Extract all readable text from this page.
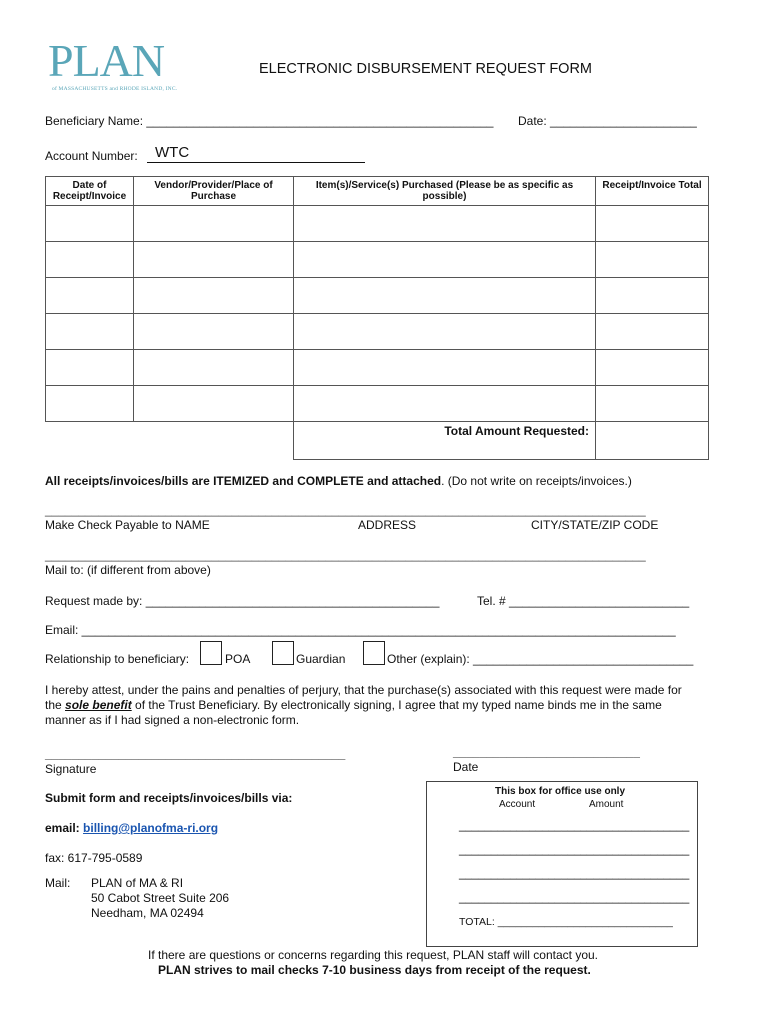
PLAN
of MASSACHUSETTS and RHODE ISLAND, INC.
ELECTRONIC DISBURSEMENT REQUEST FORM
Beneficiary Name: ____________________________________________________ Date: ______________________
Account Number:	WTC
Date of Receipt/Invoice	Vendor/Provider/Place of Purchase	Item(s)/Service(s) Purchased (Please be as specific as possible)	Receipt/Invoice Total

		Total Amount Requested:	
All receipts/invoices/bills are ITEMIZED and COMPLETE and attached. (Do not write on receipts/invoices.)
__________________________________________________________________________________________
Make Check Payable to NAME	ADDRESS	CITY/STATE/ZIP CODE
__________________________________________________________________________________________
Mail to: (if different from above)
Request made by: ____________________________________________	Tel. # ___________________________
Email: _________________________________________________________________________________________
Relationship to beneficiary:	POA	Guardian	Other (explain): _________________________________
I hereby attest, under the pains and penalties of perjury, that the purchase(s) associated with this request were made for
the sole benefit of the Trust Beneficiary. By electronically signing, I agree that my typed name binds me in the same
manner as if I had signed a non-electronic form.
_____________________________________________
Signature
____________________________
Date
Submit form and receipts/invoices/bills via:
email: billing@planofma-ri.org
fax: 617-795-0589
Mail: PLAN of MA & RI
50 Cabot Street Suite 206
Needham, MA 02494
This box for office use only
Account	Amount
____________________________________
____________________________________
____________________________________
____________________________________
TOTAL: ______________________________
If there are questions or concerns regarding this request, PLAN staff will contact you.
PLAN strives to mail checks 7-10 business days from receipt of the request.
